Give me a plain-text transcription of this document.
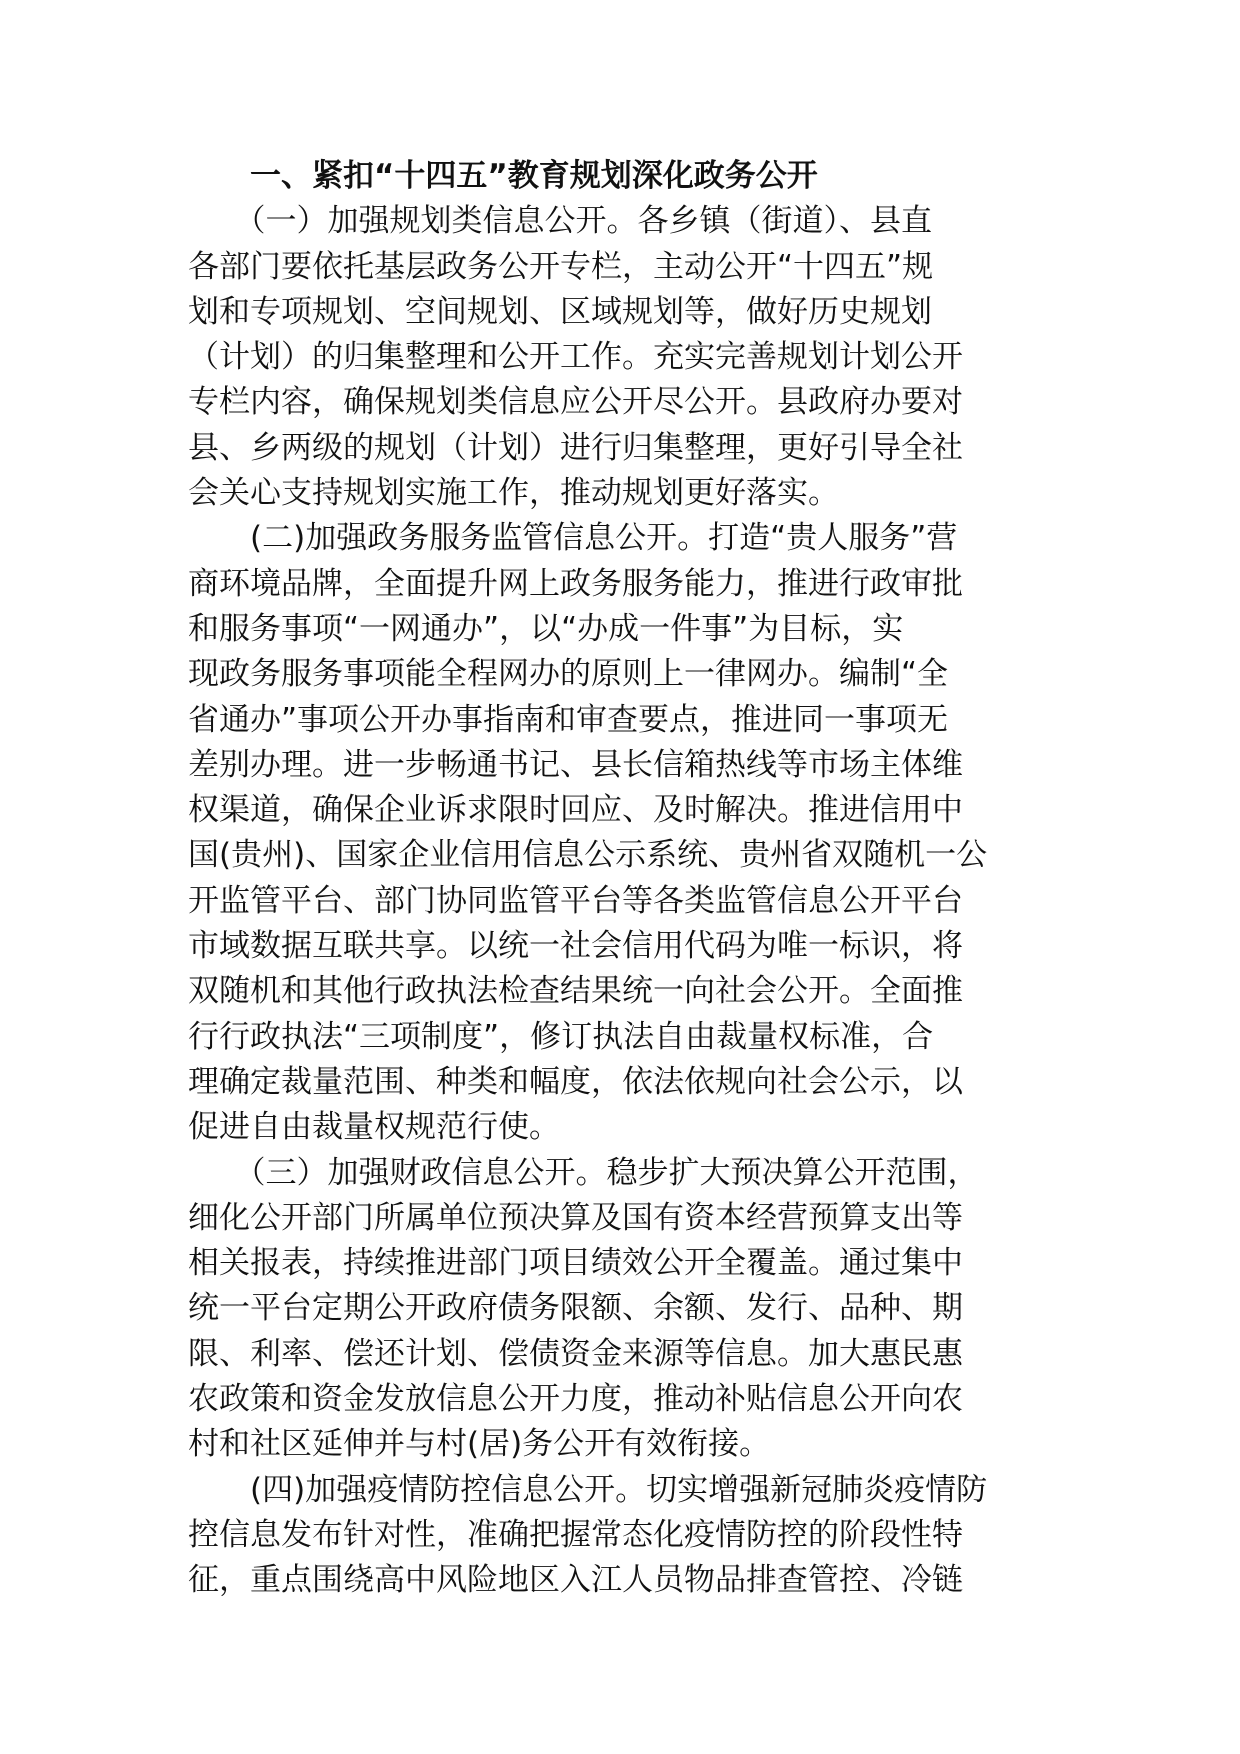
　　一、紧扣“十四五”教育规划深化政务公开
　　（一）加强规划类信息公开。各乡镇（街道）、县直
各部门要依托基层政务公开专栏，主动公开“十四五”规
划和专项规划、空间规划、区域规划等，做好历史规划
（计划）的归集整理和公开工作。充实完善规划计划公开
专栏内容，确保规划类信息应公开尽公开。县政府办要对
县、乡两级的规划（计划）进行归集整理，更好引导全社
会关心支持规划实施工作，推动规划更好落实。
　　(二)加强政务服务监管信息公开。打造“贵人服务”营
商环境品牌，全面提升网上政务服务能力，推进行政审批
和服务事项“一网通办”，以“办成一件事”为目标，实
现政务服务事项能全程网办的原则上一律网办。编制“全
省通办”事项公开办事指南和审查要点，推进同一事项无
差别办理。进一步畅通书记、县长信箱热线等市场主体维
权渠道，确保企业诉求限时回应、及时解决。推进信用中
国(贵州)、国家企业信用信息公示系统、贵州省双随机一公
开监管平台、部门协同监管平台等各类监管信息公开平台
市域数据互联共享。以统一社会信用代码为唯一标识，将
双随机和其他行政执法检查结果统一向社会公开。全面推
行行政执法“三项制度”，修订执法自由裁量权标准，合
理确定裁量范围、种类和幅度，依法依规向社会公示，以
促进自由裁量权规范行使。
　　（三）加强财政信息公开。稳步扩大预决算公开范围，
细化公开部门所属单位预决算及国有资本经营预算支出等
相关报表，持续推进部门项目绩效公开全覆盖。通过集中
统一平台定期公开政府债务限额、余额、发行、品种、期
限、利率、偿还计划、偿债资金来源等信息。加大惠民惠
农政策和资金发放信息公开力度，推动补贴信息公开向农
村和社区延伸并与村(居)务公开有效衔接。
　　(四)加强疫情防控信息公开。切实增强新冠肺炎疫情防
控信息发布针对性，准确把握常态化疫情防控的阶段性特
征，重点围绕高中风险地区入江人员物品排查管控、冷链
